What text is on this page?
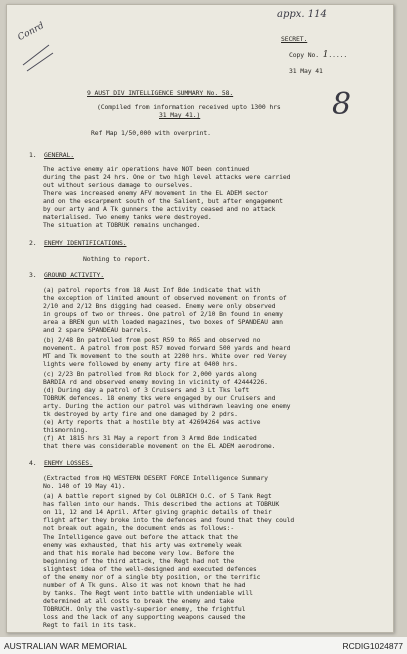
appx. 114
Conrd
8
SECRET.
Copy No. 1.....
31 May 41
9 AUST DIV INTELLIGENCE SUMMARY No. 58.
(Compiled from information received upto 1300 hrs
31 May 41.)
Ref Map 1/50,000 with overprint.
1. GENERAL.
The active enemy air operations have NOT been continued
during the past 24 hrs. One or two high level attacks were carried
out without serious damage to ourselves.
There was increased enemy AFV movement in the EL ADEM sector
and on the escarpment south of the Salient, but after engagement
by our arty and A Tk gunners the activity ceased and no attack
materialised. Two enemy tanks were destroyed.
The situation at TOBRUK remains unchanged.
2. ENEMY IDENTIFICATIONS.
Nothing to report.
3. GROUND ACTIVITY.
(a) patrol reports from 18 Aust Inf Bde indicate that with
the exception of limited amount of observed movement on fronts of
2/10 and 2/12 Bns digging had ceased. Enemy were only observed
in groups of two or threes. One patrol of 2/10 Bn found in enemy
area a BREN gun with loaded magazines, two boxes of SPANDEAU amn
and 2 spare SPANDEAU barrels.
(b) 2/48 Bn patrolled from post R59 to R65 and observed no
movement. A patrol from post R57 moved forward 500 yards and heard
MT and Tk movement to the south at 2200 hrs. White over red Verey
lights were followed by enemy arty fire at 0400 hrs.
(c) 2/23 Bn patrolled from Rd block for 2,000 yards along
BARDIA rd and observed enemy moving in vicinity of 42444226.
(d) During day a patrol of 3 Cruisers and 3 Lt Tks left
TOBRUK defences. 18 enemy tks were engaged by our Cruisers and
arty. During the action our patrol was withdrawn leaving one enemy
tk destroyed by arty fire and one damaged by 2 pdrs.
(e) Arty reports that a hostile bty at 42694264 was active
thismorning.
(f) At 1815 hrs 31 May a report from 3 Armd Bde indicated
that there was considerable movement on the EL ADEM aerodrome.
4. ENEMY LOSSES.
(Extracted from HQ WESTERN DESERT FORCE Intelligence Summary
No. 140 of 19 May 41).
(a) A battle report signed by Col OLBRICH O.C. of 5 Tank Regt
has fallen into our hands. This described the actions at TOBRUK
on 11, 12 and 14 April. After giving graphic details of their
flight after they broke into the defences and found that they could
not break out again, the document ends as follows:-
The Intelligence gave out before the attack that the
enemy was exhausted, that his arty was extremely weak
and that his morale had become very low. Before the
beginning of the third attack, the Regt had not the
slightest idea of the well-designed and executed defences
of the enemy nor of a single bty position, or the terrific
number of A Tk guns. Also it was not known that he had
by tanks. The Regt went into battle with undeniable will
determined at all costs to break the enemy and take
TOBRUCH. Only the vastly-superior enemy, the frightful
loss and the lack of any supporting weapons caused the
Regt to fail in its task.
AUSTRALIAN WAR MEMORIAL	RCDIG1024877
